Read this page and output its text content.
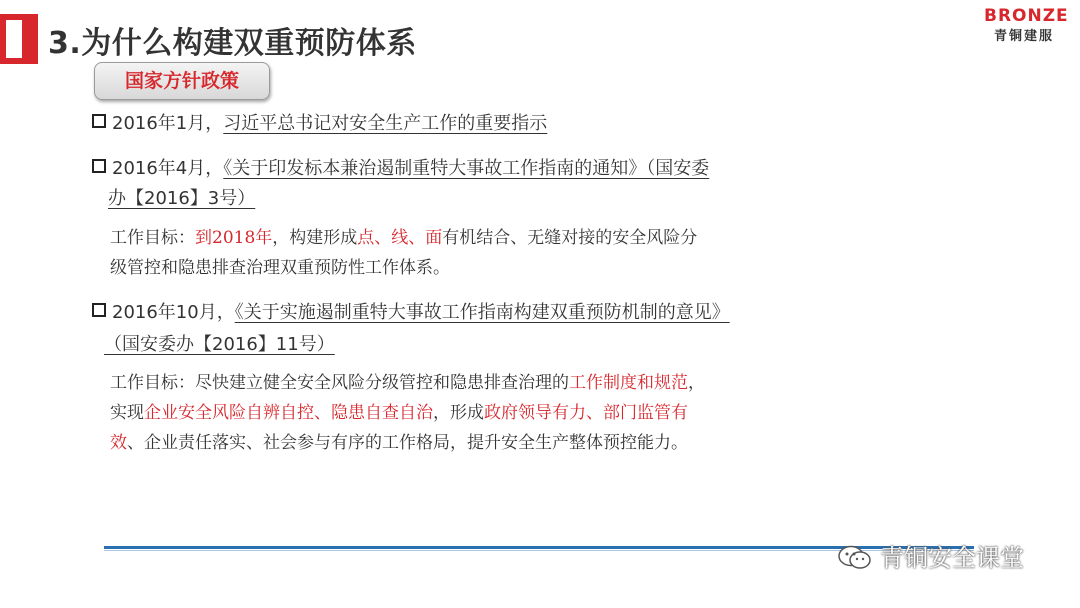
3.为什么构建双重预防体系
BRONZE
青铜建服
国家方针政策
2016年1月，习近平总书记对安全生产工作的重要指示
2016年4月，《关于印发标本兼治遏制重特大事故工作指南的通知》（国安委
办【2016】3号）
工作目标：到2018年，构建形成点、线、面有机结合、无缝对接的安全风险分
级管控和隐患排查治理双重预防性工作体系。
2016年10月，《关于实施遏制重特大事故工作指南构建双重预防机制的意见》
（国安委办【2016】11号）
工作目标：尽快建立健全安全风险分级管控和隐患排查治理的工作制度和规范，
实现企业安全风险自辨自控、隐患自查自治，形成政府领导有力、部门监管有
效、企业责任落实、社会参与有序的工作格局，提升安全生产整体预控能力。
青铜安全课堂
